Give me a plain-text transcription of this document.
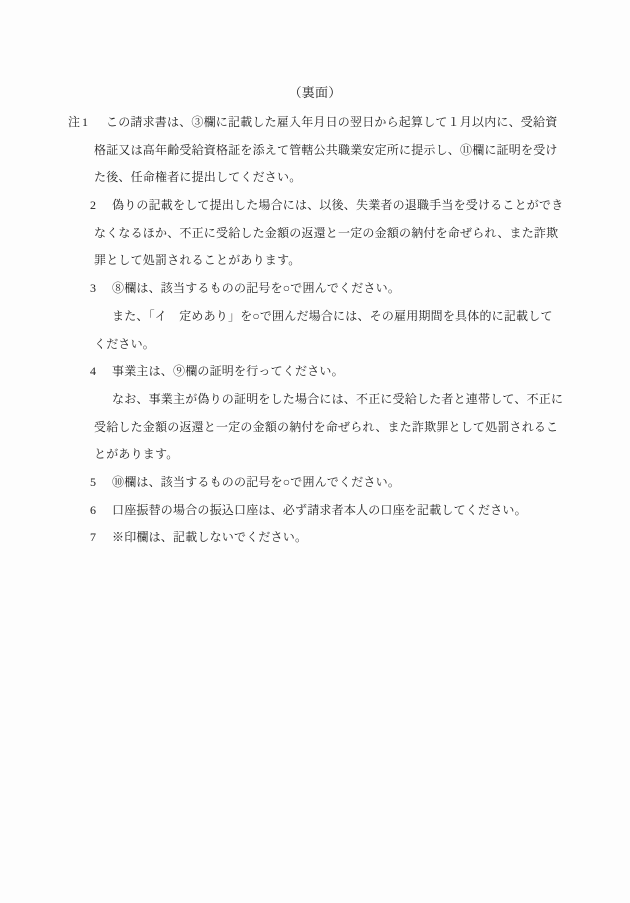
（裏面）
注1 この請求書は、③欄に記載した雇入年月日の翌日から起算して１月以内に、受給資
格証又は高年齢受給資格証を添えて管轄公共職業安定所に提示し、⑪欄に証明を受け
た後、任命権者に提出してください。
2 偽りの記載をして提出した場合には、以後、失業者の退職手当を受けることができ
なくなるほか、不正に受給した金額の返還と一定の金額の納付を命ぜられ、また詐欺
罪として処罰されることがあります。
3 ⑧欄は、該当するものの記号を○で囲んでください。
また、「イ　定めあり」を○で囲んだ場合には、その雇用期間を具体的に記載して
ください。
4 事業主は、⑨欄の証明を行ってください。
なお、事業主が偽りの証明をした場合には、不正に受給した者と連帯して、不正に
受給した金額の返還と一定の金額の納付を命ぜられ、また詐欺罪として処罰されるこ
とがあります。
5 ⑩欄は、該当するものの記号を○で囲んでください。
6 口座振替の場合の振込口座は、必ず請求者本人の口座を記載してください。
7 ※印欄は、記載しないでください。
